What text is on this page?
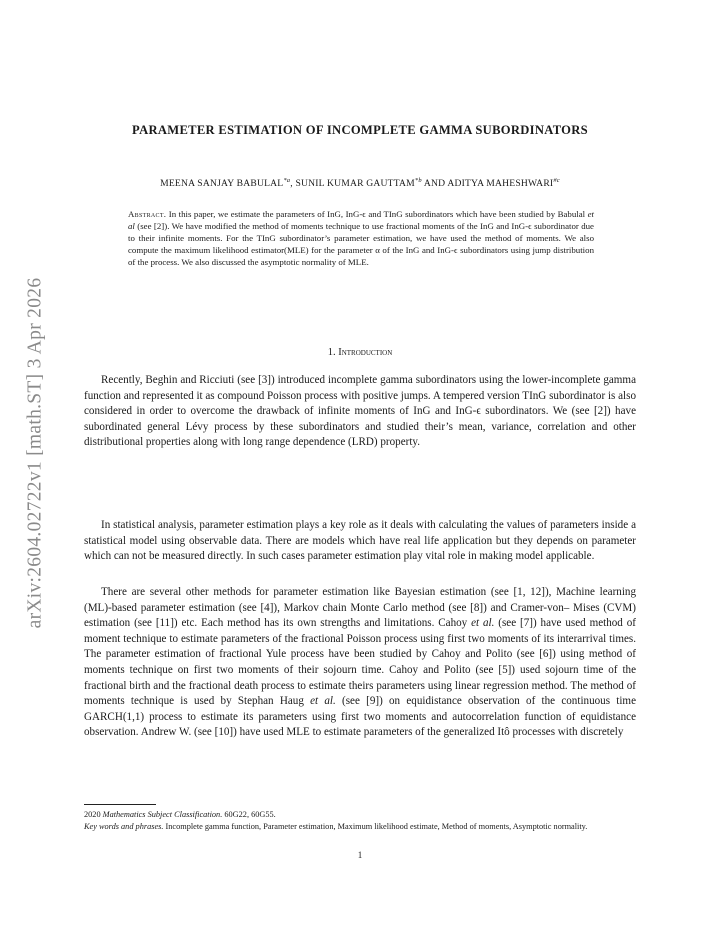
arXiv:2604.02722v1 [math.ST] 3 Apr 2026
PARAMETER ESTIMATION OF INCOMPLETE GAMMA SUBORDINATORS
MEENA SANJAY BABULAL$^{*a}$, SUNIL KUMAR GAUTTAM$^{*b}$ AND ADITYA MAHESHWARI$^{\#c}$

Abstract. In this paper, we estimate the parameters of InG, InG-ϵ and TInG subordinators which have been studied by Babulal et al (see [2]). We have modified the method of moments technique to use fractional moments of the InG and InG-ϵ subordinator due to their infinite moments. For the TInG subordinator’s parameter estimation, we have used the method of moments. We also compute the maximum likelihood estimator(MLE) for the parameter α of the InG and InG-ϵ subordinators using jump distribution of the process. We also discussed the asymptotic normality of MLE.

1. Introduction

Recently, Beghin and Ricciuti (see [3]) introduced incomplete gamma subordinators using the lower-incomplete gamma function and represented it as compound Poisson process with positive jumps. A tempered version TInG subordinator is also considered in order to overcome the drawback of infinite moments of InG and InG-ϵ subordinators. We (see [2]) have subordinated general Lévy process by these subordinators and studied their’s mean, variance, correlation and other distributional properties along with long range dependence (LRD) property.

In statistical analysis, parameter estimation plays a key role as it deals with calculating the values of parameters inside a statistical model using observable data. There are models which have real life application but they depends on parameter which can not be measured directly. In such cases parameter estimation play vital role in making model applicable.

There are several other methods for parameter estimation like Bayesian estimation (see [1, 12]), Machine learning (ML)-based parameter estimation (see [4]), Markov chain Monte Carlo method (see [8]) and Cramer-von– Mises (CVM) estimation (see [11]) etc. Each method has its own strengths and limitations. Cahoy et al. (see [7]) have used method of moment technique to estimate parameters of the fractional Poisson process using first two moments of its interarrival times. The parameter estimation of fractional Yule process have been studied by Cahoy and Polito (see [6]) using method of moments technique on first two moments of their sojourn time. Cahoy and Polito (see [5]) used sojourn time of the fractional birth and the fractional death process to estimate theirs parameters using linear regression method. The method of moments technique is used by Stephan Haug et al. (see [9]) on equidistance observation of the continuous time GARCH(1,1) process to estimate its parameters using first two moments and autocorrelation function of equidistance observation. Andrew W. (see [10]) have used MLE to estimate parameters of the generalized Itô processes with discretely

2020 Mathematics Subject Classification. 60G22, 60G55.
Key words and phrases. Incomplete gamma function, Parameter estimation, Maximum likelihood estimate, Method of moments, Asymptotic normality.
1
